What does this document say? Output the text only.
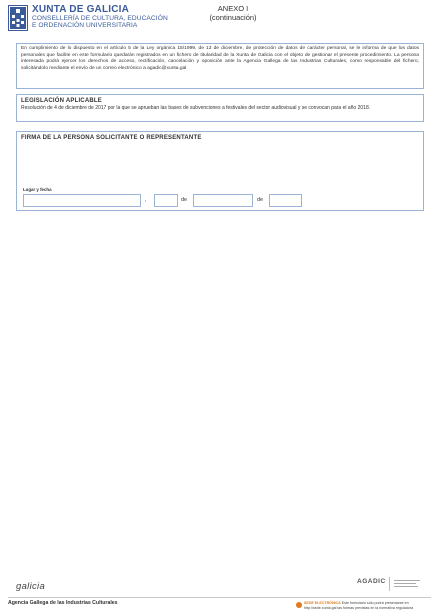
XUNTA DE GALICIA
CONSELLERÍA DE CULTURA, EDUCACIÓN
E ORDENACIÓN UNIVERSITARIA
ANEXO I
(continuación)

En cumplimiento de lo dispuesto en el artículo 5 de la Ley orgánica 15/1999, de 13 de diciembre, de protección de datos de carácter personal, se le informa de que los datos personales que facilite en este formulario quedarán registrados en un fichero de titularidad de la Xunta de Galicia con el objeto de gestionar el presente procedimiento. La persona interesada podrá ejercer los derechos de acceso, rectificación, cancelación y oposición ante la Agencia Gallega de las Industrias Culturales, como responsable del fichero, solicitándolo mediante el envío de un correo electrónico a agadic@xunta.gal

LEGISLACIÓN APLICABLE
Resolución de 4 de diciembre de 2017 por la que se aprueban las bases de subvenciones a festivales del sector audiovisual y se convocan para el año 2018.
FIRMA DE LA PERSONA SOLICITANTE O REPRESENTANTE
Lugar y fecha
,	de	de
galicia	AGADIC
Agencia Gallega de las Industrias Culturales	SEDE ELECTRÓNICA Este formulario sólo podrá presentarse en
http://sede.xunta.gal las formas previstas en la normativa reguladora
